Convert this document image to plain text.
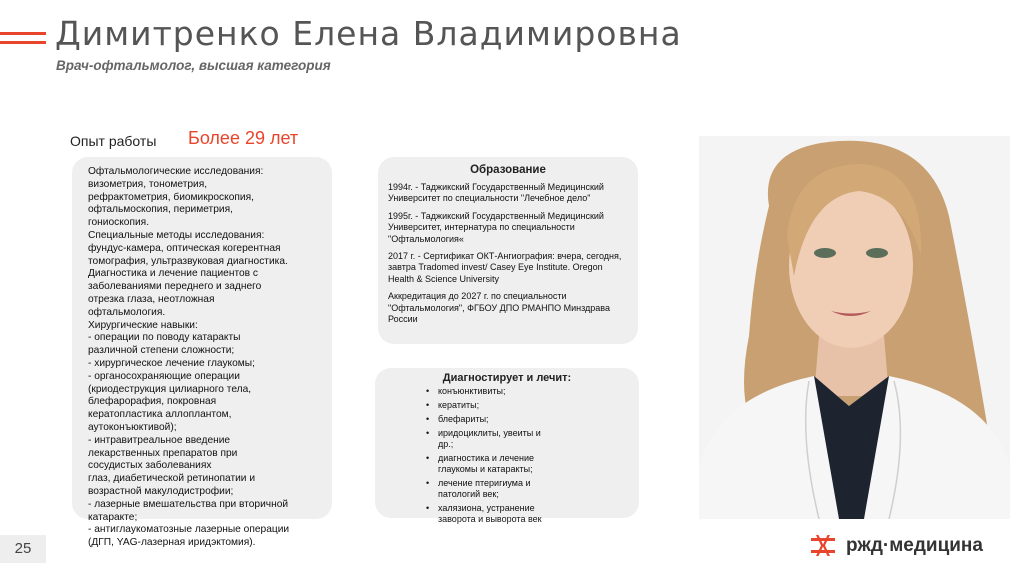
Димитренко Елена Владимировна
Врач-офтальмолог, высшая категория
Опыт работы Более 29 лет
Офтальмологические исследования:
визометрия, тонометрия,
рефрактометрия, биомикроскопия,
офтальмоскопия, периметрия,
гониоскопия.
Специальные методы исследования:
фундус-камера, оптическая когерентная
томография, ультразвуковая диагностика.
Диагностика и лечение пациентов с
заболеваниями переднего и заднего
отрезка глаза, неотложная
офтальмология.
Хирургические навыки:
- операции по поводу катаракты
различной степени сложности;
- хирургическое лечение глаукомы;
- органосохраняющие операции
(криодеструкция цилиарного тела,
блефарорафия, покровная
кератопластика аллоплантом,
аутоконъюктивой);
- интравитреальное введение
лекарственных препаратов при
сосудистых заболеваниях
глаз, диабетической ретинопатии и
возрастной макулодистрофии;
- лазерные вмешательства при вторичной
катаракте;
- антиглаукоматозные лазерные операции
(ДГП, YAG-лазерная иридэктомия).
Образование
1994г. - Таджикский Государственный Медицинский Университет по специальности "Лечебное дело"
1995г. - Таджикский Государственный Медицинский Университет, интернатура по специальности "Офтальмология«
2017 г. - Сертификат ОКТ-Ангиография: вчера, сегодня, завтра Tradomed invest/ Casey Eye Institute. Oregon Health & Science University
Аккредитация до 2027 г. по специальности "Офтальмология", ФГБОУ ДПО РМАНПО Минздрава России
Диагностирует и лечит:
• конъюнктивиты;
• кератиты;
• блефариты;
• иридоциклиты, увеиты и др.;
• диагностика и лечение глаукомы и катаракты;
• лечение птеригиума и патологий век;
• халязиона, устранение заворота и выворота век
25	ржд·медицина
